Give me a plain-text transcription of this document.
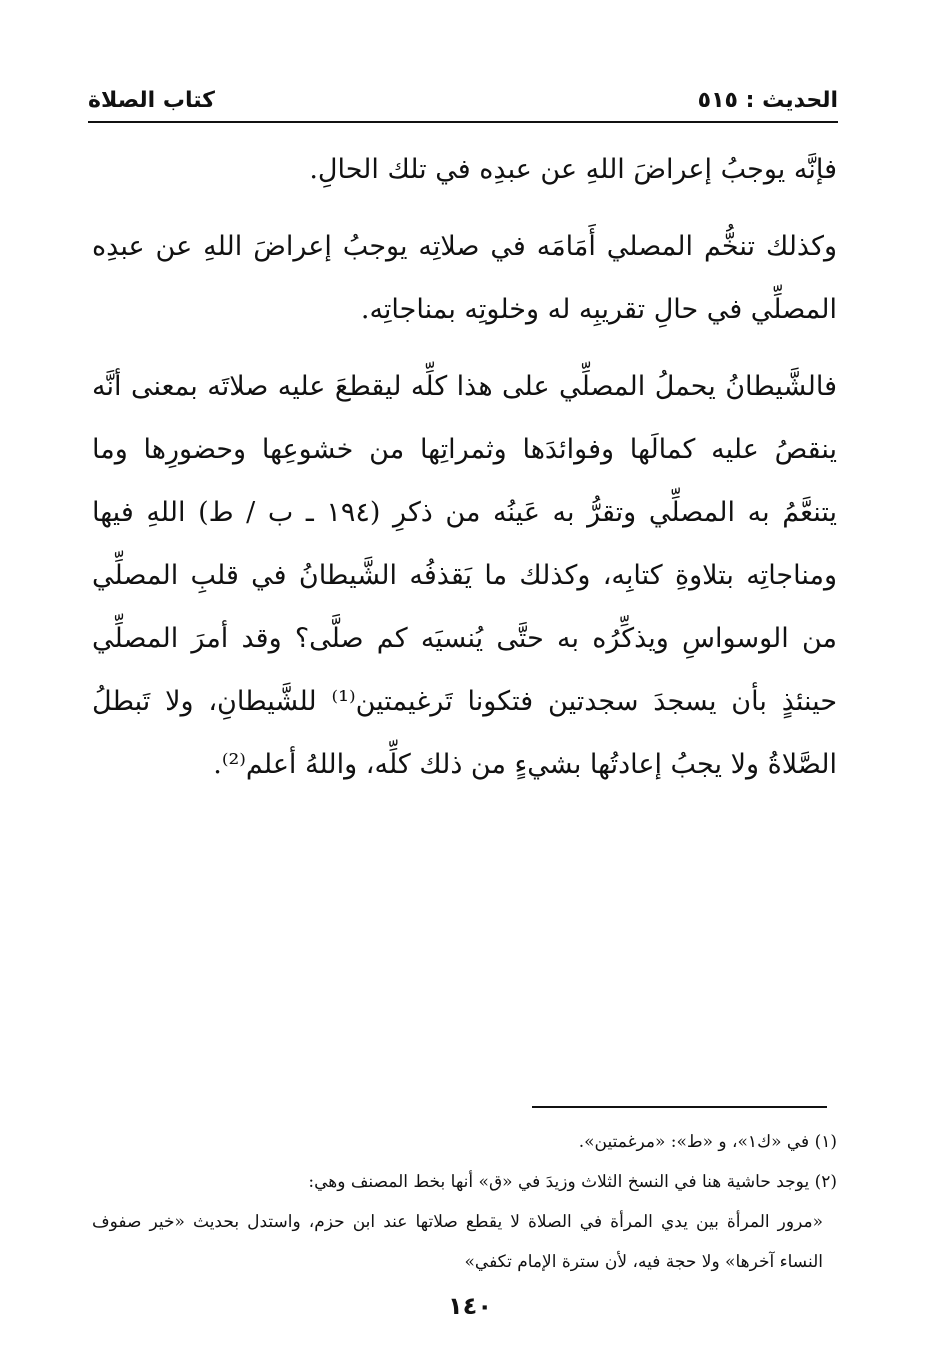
الحديث : ٥١٥
كتاب الصلاة

فإنَّه يوجبُ إعراضَ اللهِ عن عبدِه في تلك الحالِ.

وكذلك تنخُّم المصلي أَمَامَه في صلاتِه يوجبُ إعراضَ اللهِ عن عبدِه المصلِّي في حالِ تقريبِه له وخلوتِه بمناجاتِه.

فالشَّيطانُ يحملُ المصلِّي على هذا كلِّه ليقطعَ عليه صلاتَه بمعنى أنَّه ينقصُ عليه كمالَها وفوائدَها وثمراتِها من خشوعِها وحضورِها وما يتنعَّمُ به المصلِّي وتقرُّ به عَينُه من ذكرِ (١٩٤ ـ ب / ط) اللهِ فيها ومناجاتِه بتلاوةِ كتابِه، وكذلك ما يَقذفُه الشَّيطانُ في قلبِ المصلِّي من الوسواسِ ويذكِّرُه به حتَّى يُنسيَه كم صلَّى؟ وقد أمرَ المصلِّي حينئذٍ بأن يسجدَ سجدتين فتكونا تَرغيمتين⁽¹⁾ للشَّيطانِ، ولا تَبطلُ الصَّلاةُ ولا يجبُ إعادتُها بشيءٍ من ذلك كلِّه، واللهُ أعلم⁽²⁾.

(١) في «ك١»، و «ط»: «مرغمتين».

(٢) يوجد حاشية هنا في النسخ الثلاث وزيدَ في «ق» أنها بخط المصنف وهي:

«مرور المرأة بين يدي المرأة في الصلاة لا يقطع صلاتها عند ابن حزم، واستدل بحديث «خير صفوف النساء آخرها» ولا حجة فيه، لأن سترة الإمام تكفي»

١٤٠
